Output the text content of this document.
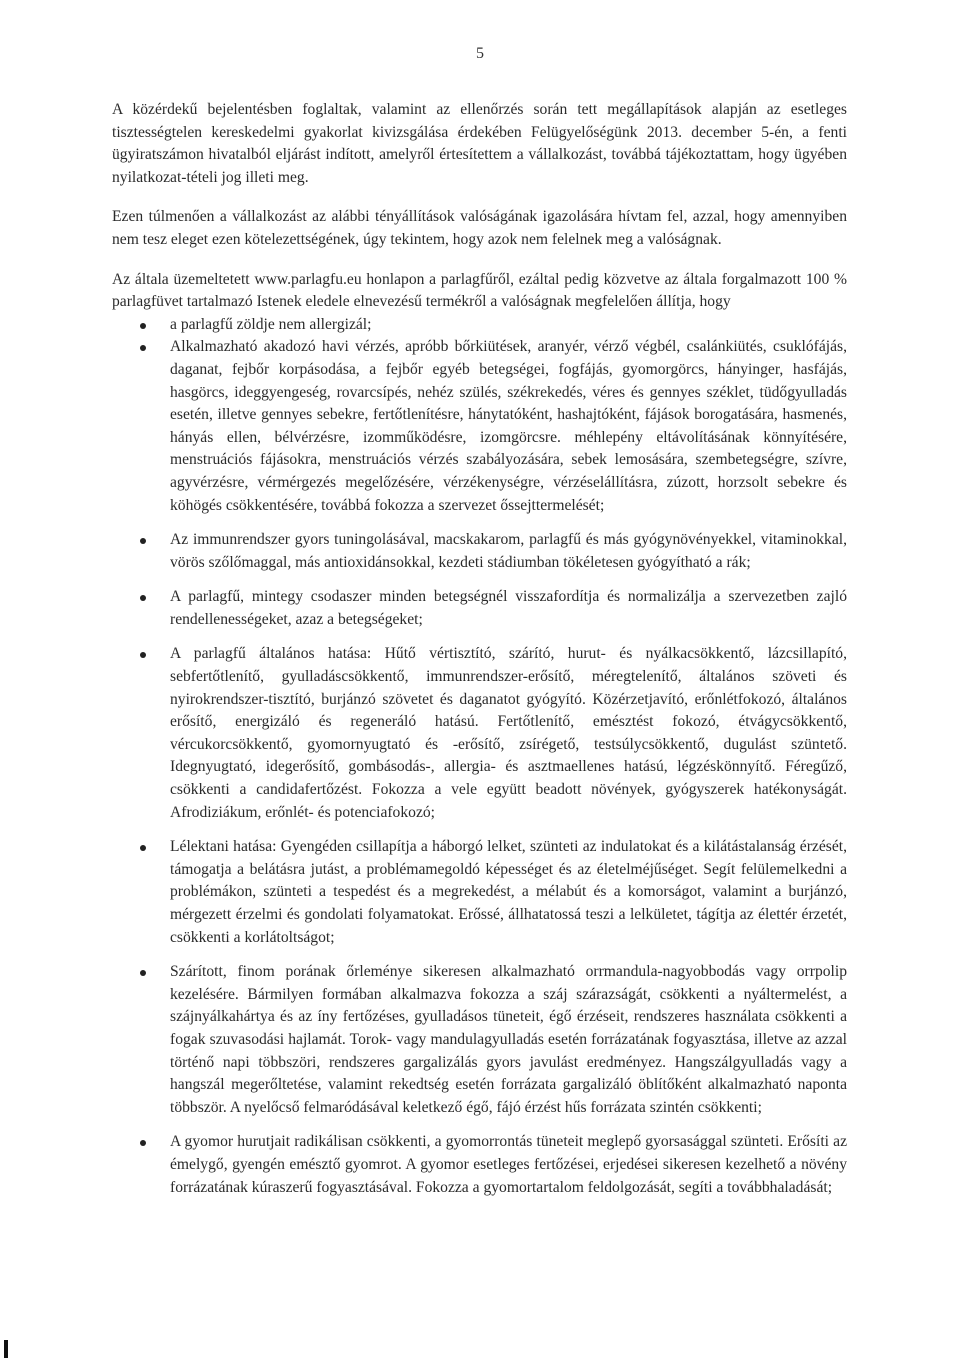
5

A közérdekű bejelentésben foglaltak, valamint az ellenőrzés során tett megállapítások alapján az esetleges tisztességtelen kereskedelmi gyakorlat kivizsgálása érdekében Felügyelőségünk 2013. december 5-én, a fenti ügyiratszámon hivatalból eljárást indított, amelyről értesítettem a vállalkozást, továbbá tájékoztattam, hogy ügyében nyilatkozat-tételi jog illeti meg.

Ezen túlmenően a vállalkozást az alábbi tényállítások valóságának igazolására hívtam fel, azzal, hogy amennyiben nem tesz eleget ezen kötelezettségének, úgy tekintem, hogy azok nem felelnek meg a valóságnak.

Az általa üzemeltetett www.parlagfu.eu honlapon a parlagfűről, ezáltal pedig közvetve az általa forgalmazott 100 % parlagfüvet tartalmazó Istenek eledele elnevezésű termékről a valóságnak megfelelően állítja, hogy

a parlagfű zöldje nem allergizál;
Alkalmazható akadozó havi vérzés, apróbb bőrkiütések, aranyér, vérző végbél, csalánkiütés, csuklófájás, daganat, fejbőr korpásodása, a fejbőr egyéb betegségei, fogfájás, gyomorgörcs, hányinger, hasfájás, hasgörcs, ideggyengeség, rovarcsípés, nehéz szülés, székrekedés, véres és gennyes széklet, tüdőgyulladás esetén, illetve gennyes sebekre, fertőtlenítésre, hánytatóként, hashajtóként, fájások borogatására, hasmenés, hányás ellen, bélvérzésre, izomműködésre, izomgörcsre. méhlepény eltávolításának könnyítésére, menstruációs fájásokra, menstruációs vérzés szabályozására, sebek lemosására, szembetegségre, szívre, agyvérzésre, vérmérgezés megelőzésére, vérzékenységre, vérzéselállításra, zúzott, horzsolt sebekre és köhögés csökkentésére, továbbá fokozza a szervezet őssejttermelését;
Az immunrendszer gyors tuningolásával, macskakarom, parlagfű és más gyógynövényekkel, vitaminokkal, vörös szőlőmaggal, más antioxidánsokkal, kezdeti stádiumban tökéletesen gyógyítható a rák;
A parlagfű, mintegy csodaszer minden betegségnél visszafordítja és normalizálja a szervezetben zajló rendellenességeket, azaz a betegségeket;
A parlagfű általános hatása: Hűtő vértisztító, szárító, hurut- és nyálkacsökkentő, lázcsillapító, sebfertőtlenítő, gyulladáscsökkentő, immunrendszer-erősítő, méregtelenítő, általános szöveti és nyirokrendszer-tisztító, burjánzó szövetet és daganatot gyógyító. Közérzetjavító, erőnlétfokozó, általános erősítő, energizáló és regeneráló hatású. Fertőtlenítő, emésztést fokozó, étvágycsökkentő, vércukorcsökkentő, gyomornyugtató és -erősítő, zsírégető, testsúlycsökkentő, dugulást szüntető. Idegnyugtató, idegerősítő, gombásodás-, allergia- és asztmaellenes hatású, légzéskönnyítő. Féregűző, csökkenti a candidafertőzést. Fokozza a vele együtt beadott növények, gyógyszerek hatékonyságát. Afrodiziákum, erőnlét- és potenciafokozó;
Lélektani hatása: Gyengéden csillapítja a háborgó lelket, szünteti az indulatokat és a kilátástalanság érzését, támogatja a belátásra jutást, a problémamegoldó képességet és az életelméjűséget. Segít felülemelkedni a problémákon, szünteti a tespedést és a megrekedést, a mélabút és a komorságot, valamint a burjánzó, mérgezett érzelmi és gondolati folyamatokat. Erőssé, állhatatossá teszi a lelkületet, tágítja az élettér érzetét, csökkenti a korlátoltságot;
Szárított, finom porának őrleménye sikeresen alkalmazható orrmandula-nagyobbodás vagy orrpolip kezelésére. Bármilyen formában alkalmazva fokozza a száj szárazságát, csökkenti a nyáltermelést, a szájnyálkahártya és az íny fertőzéses, gyulladásos tüneteit, égő érzéseit, rendszeres használata csökkenti a fogak szuvasodási hajlamát. Torok- vagy mandulagyulladás esetén forrázatának fogyasztása, illetve az azzal történő napi többszöri, rendszeres gargalizálás gyors javulást eredményez. Hangszálgyulladás vagy a hangszál megerőltetése, valamint rekedtség esetén forrázata gargalizáló öblítőként alkalmazható naponta többször. A nyelőcső felmaródásával keletkező égő, fájó érzést hűs forrázata szintén csökkenti;
A gyomor hurutjait radikálisan csökkenti, a gyomorrontás tüneteit meglepő gyorsasággal szünteti. Erősíti az émelygő, gyengén emésztő gyomrot. A gyomor esetleges fertőzései, erjedései sikeresen kezelhető a növény forrázatának kúraszerű fogyasztásával. Fokozza a gyomortartalom feldolgozását, segíti a továbbhaladását;
